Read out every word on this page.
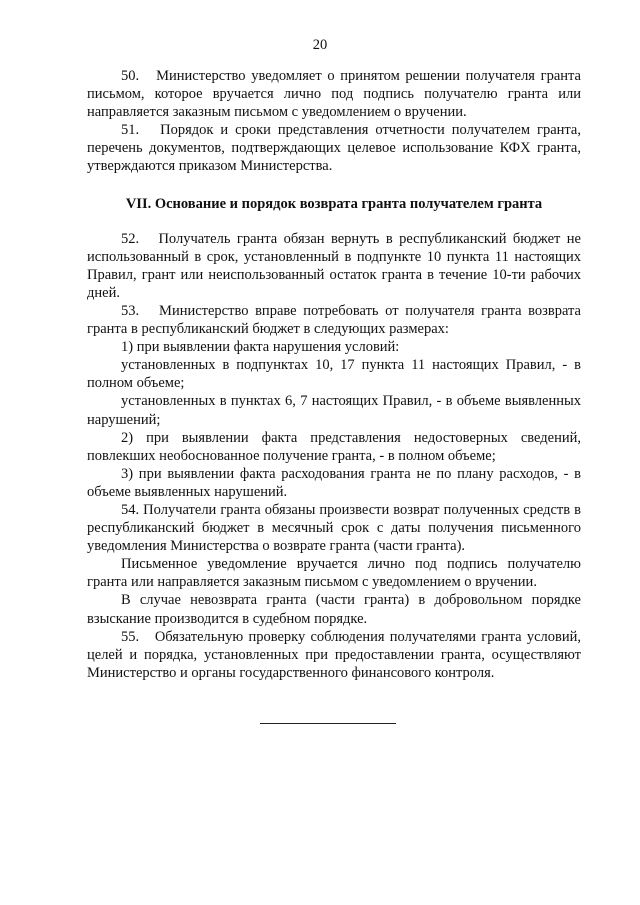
20

50.   Министерство уведомляет о принятом решении получателя гранта письмом, которое вручается лично под подпись получателю гранта или направляется заказным письмом с уведомлением о вручении.

51.   Порядок и сроки представления отчетности получателем гранта, перечень документов, подтверждающих целевое использование КФХ гранта, утверждаются приказом Министерства.

VII. Основание и порядок возврата гранта получателем гранта

52.   Получатель гранта обязан вернуть в республиканский бюджет не использованный в срок, установленный в подпункте 10 пункта 11 настоящих Правил, грант или неиспользованный остаток гранта в течение 10-ти рабочих дней.

53.   Министерство вправе потребовать от получателя гранта возврата гранта в республиканский бюджет в следующих размерах:

1) при выявлении факта нарушения условий:

установленных в подпунктах 10, 17 пункта 11 настоящих Правил, - в полном объеме;

установленных в пунктах 6, 7 настоящих Правил, - в объеме выявленных нарушений;

2) при выявлении факта представления недостоверных сведений, повлекших необоснованное получение гранта, - в полном объеме;

3) при выявлении факта расходования гранта не по плану расходов, - в объеме выявленных нарушений.

54. Получатели гранта обязаны произвести возврат полученных средств в республиканский бюджет в месячный срок с даты получения письменного уведомления Министерства о возврате гранта (части гранта).

Письменное уведомление вручается лично под подпись получателю гранта или направляется заказным письмом с уведомлением о вручении.

В случае невозврата гранта (части гранта) в добровольном порядке взыскание производится в судебном порядке.

55.   Обязательную проверку соблюдения получателями гранта условий, целей и порядка, установленных при предоставлении гранта, осуществляют Министерство и органы государственного финансового контроля.
